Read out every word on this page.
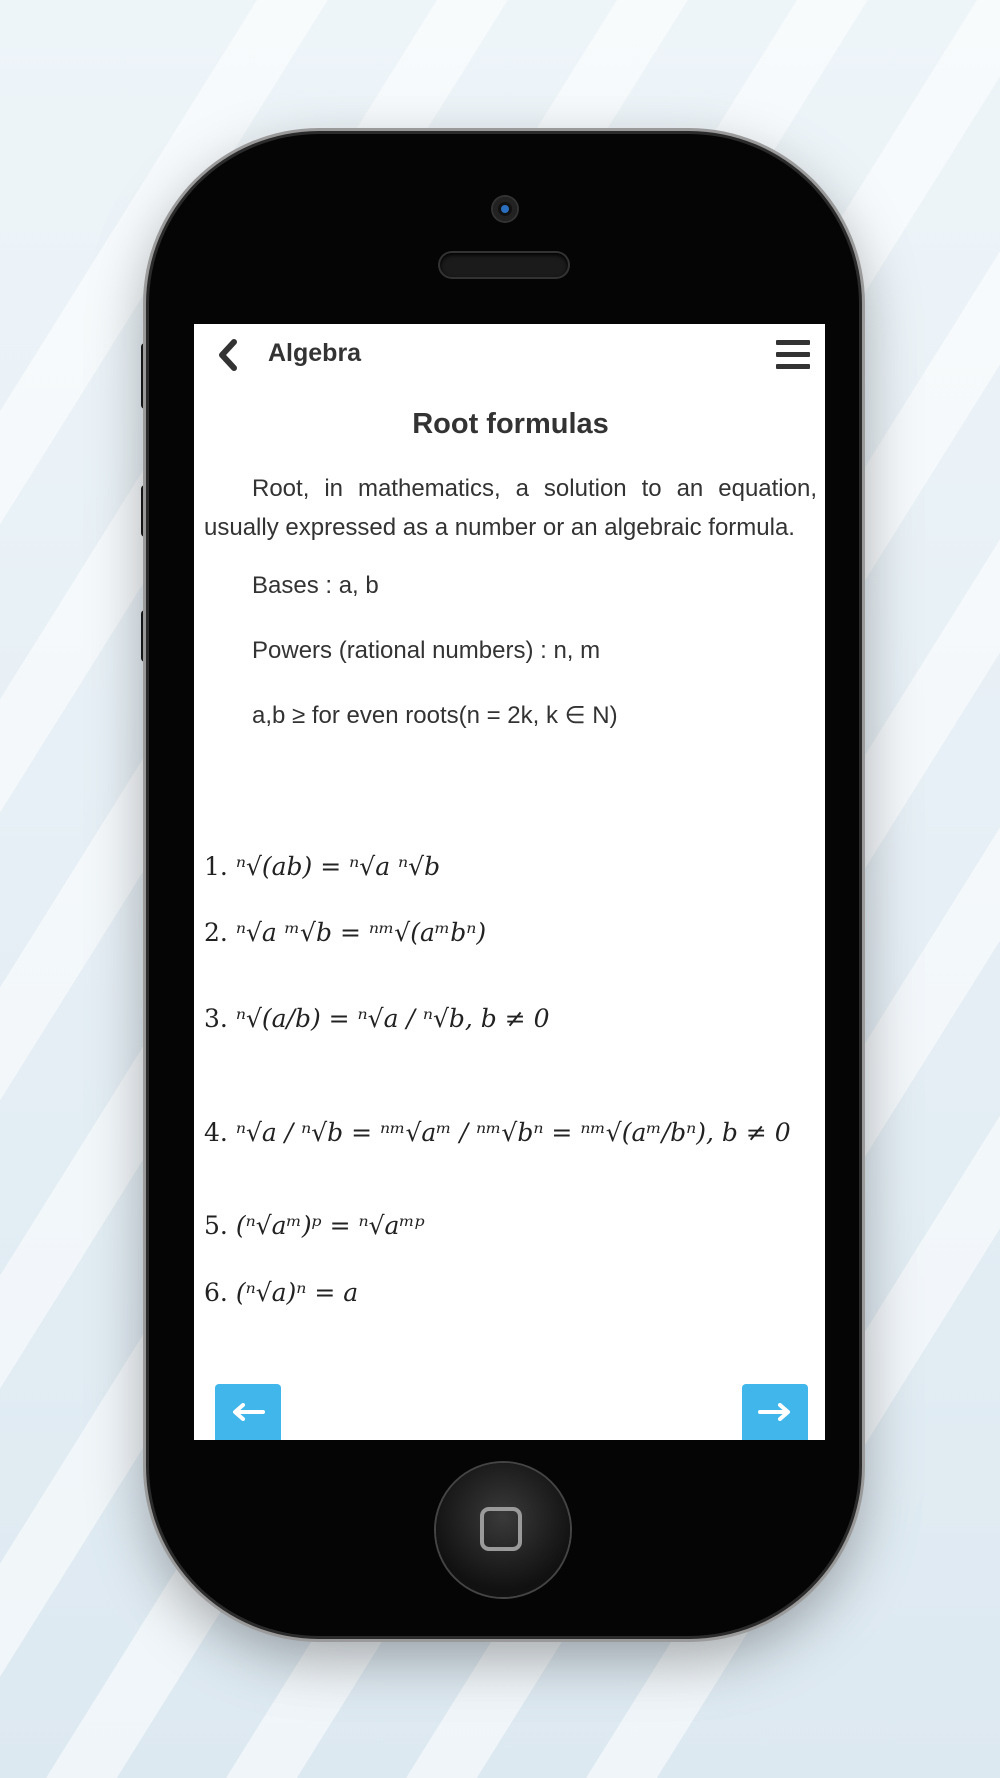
Algebra
Root formulas

Root, in mathematics, a solution to an equation, usually expressed as a number or an algebraic formula.

Bases : a, b
Powers (rational numbers) : n, m
a,b ≥ for even roots(n = 2k, k ∈ N)
1. ⁿ√(ab) = ⁿ√a ⁿ√b
2. ⁿ√a ᵐ√b = ⁿᵐ√(aᵐbⁿ)
3. ⁿ√(a/b) = ⁿ√a / ⁿ√b, b ≠ 0
4. ⁿ√a / ⁿ√b = ⁿᵐ√aᵐ / ⁿᵐ√bⁿ = ⁿᵐ√(aᵐ/bⁿ), b ≠ 0
5. (ⁿ√aᵐ)ᵖ = ⁿ√aᵐᵖ
6. (ⁿ√a)ⁿ = a
